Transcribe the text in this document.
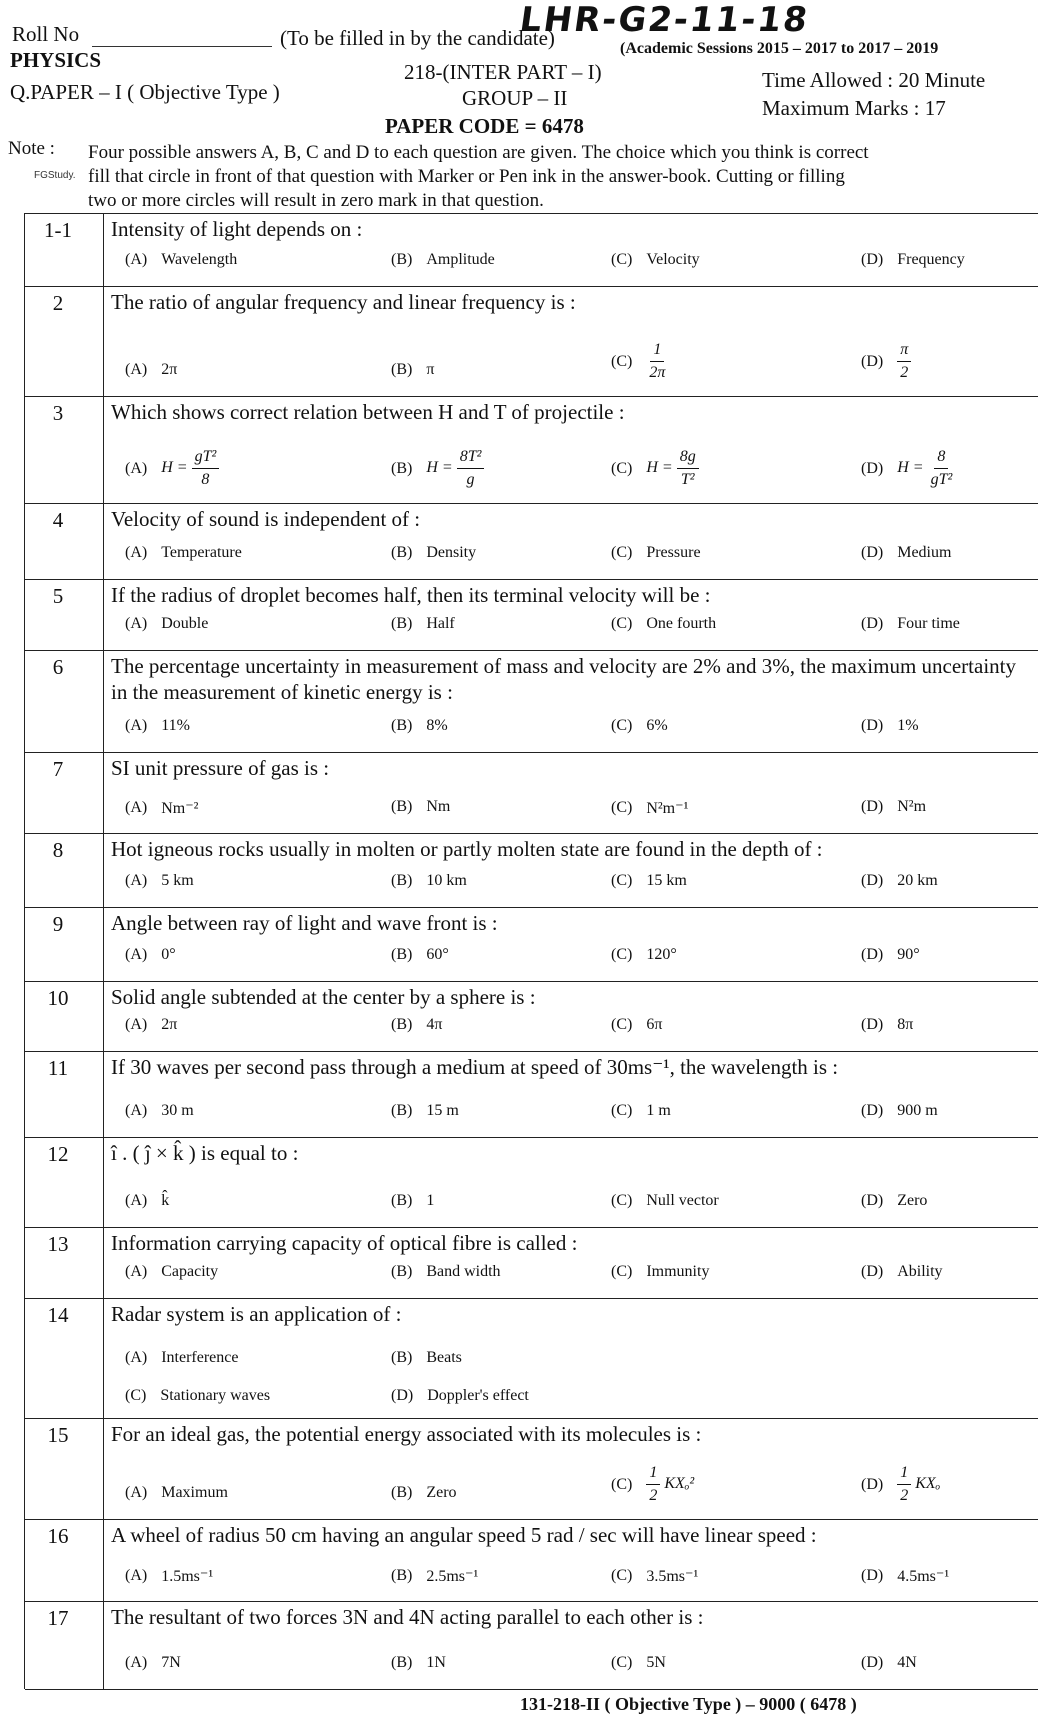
LHR-G2-11-18
Roll No	(To be filled in by the candidate)	(Academic Sessions 2015 – 2017 to 2017 – 2019
PHYSICS
Q.PAPER – I ( Objective Type )
218-(INTER PART – I)
GROUP – II
PAPER CODE = 6478
Time Allowed : 20 Minute
Maximum Marks : 17
Note : Four possible answers A, B, C and D to each question are given. The choice which you think is correct
FGStudy. fill that circle in front of that question with Marker or Pen ink in the answer-book. Cutting or filling
two or more circles will result in zero mark in that question.
1-1	Intensity of light depends on :
(A) Wavelength	(B) Amplitude	(C) Velocity	(D) Frequency
2	The ratio of angular frequency and linear frequency is :
(A) 2π	(B) π	$(C) \frac{1}{2\pi}$	$(D) \frac{\pi}{2}$
3	Which shows correct relation between H and T of projectile :
(A) $H = \frac{\text{gT²}}{8}$	(B) $H = \frac{\text{8T²}}{g}$	(C) $H = \frac{8g}{\text{T²}}$	(D) $H = \frac{8}{\text{gT²}}$
4	Velocity of sound is independent of :
(A) Temperature	(B) Density	(C) Pressure	(D) Medium
5	If the radius of droplet becomes half, then its terminal velocity will be :
(A) Double	(B) Half	(C) One fourth	(D) Four time
6	The percentage uncertainty in measurement of mass and velocity are 2% and 3%, the maximum uncertainty in the measurement of kinetic energy is :
(A) 11%	(B) 8%	(C) 6%	(D) 1%
7	SI unit pressure of gas is :
(A) Nm⁻²	(B) Nm	(C) N²m⁻¹	(D) N²m
8	Hot igneous rocks usually in molten or partly molten state are found in the depth of :
(A) 5 km	(B) 10 km	(C) 15 km	(D) 20 km
9	Angle between ray of light and wave front is :
(A) 0°	(B) 60°	(C) 120°	(D) 90°
10	Solid angle subtended at the center by a sphere is :
(A) 2π	(B) 4π	(C) 6π	(D) 8π
11	If 30 waves per second pass through a medium at speed of 30ms⁻¹, the wavelength is :
(A) 30 m	(B) 15 m	(C) 1 m	(D) 900 m
12	î . ( ĵ × k̂ ) is equal to :
(A) k̂	(B) 1	(C) Null vector	(D) Zero
13	Information carrying capacity of optical fibre is called :
(A) Capacity	(B) Band width	(C) Immunity	(D) Ability
14	Radar system is an application of :
(A) Interference	(B) Beats
(C) Stationary waves	(D) Doppler's effect
15	For an ideal gas, the potential energy associated with its molecules is :
(A) Maximum	(B) Zero	$(C) \frac{1}{2} KX_o^2$	$(D) \frac{1}{2}$ KXₒ
16	A wheel of radius 50 cm having an angular speed 5 rad / sec will have linear speed :
(A) 1.5ms⁻¹	(B) 2.5ms⁻¹	(C) 3.5ms⁻¹	(D) 4.5ms⁻¹
17	The resultant of two forces 3N and 4N acting parallel to each other is :
(A) 7N	(B) 1N	(C) 5N	(D) 4N
131-218-II ( Objective Type ) – 9000 ( 6478 )
